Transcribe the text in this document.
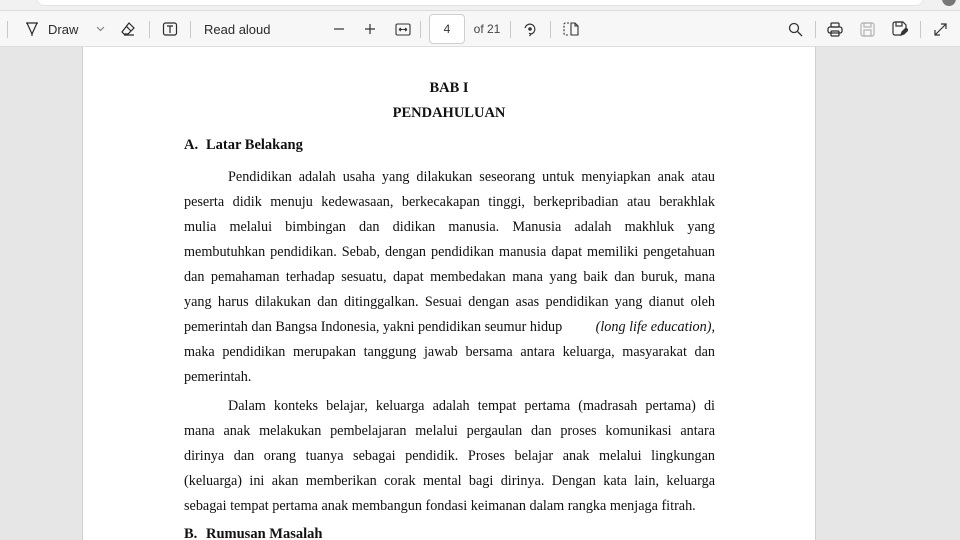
Draw	Read aloud	4	of 21
BAB I
PENDAHULUAN
A. Latar Belakang
Pendidikan adalah usaha yang dilakukan seseorang untuk menyiapkan anak atau
peserta didik menuju kedewasaan, berkecakapan tinggi, berkepribadian atau berakhlak
mulia melalui bimbingan dan didikan manusia. Manusia adalah makhluk yang
membutuhkan pendidikan. Sebab, dengan pendidikan manusia dapat memiliki pengetahuan
dan pemahaman terhadap sesuatu, dapat membedakan mana yang baik dan buruk, mana
yang harus dilakukan dan ditinggalkan. Sesuai dengan asas pendidikan yang dianut oleh
pemerintah dan Bangsa Indonesia, yakni pendidikan seumur hidup (long life education),
maka pendidikan merupakan tanggung jawab bersama antara keluarga, masyarakat dan
pemerintah.
Dalam konteks belajar, keluarga adalah tempat pertama (madrasah pertama) di
mana anak melakukan pembelajaran melalui pergaulan dan proses komunikasi antara
dirinya dan orang tuanya sebagai pendidik. Proses belajar anak melalui lingkungan
(keluarga) ini akan memberikan corak mental bagi dirinya. Dengan kata lain, keluarga
sebagai tempat pertama anak membangun fondasi keimanan dalam rangka menjaga fitrah.
B. Rumusan Masalah
